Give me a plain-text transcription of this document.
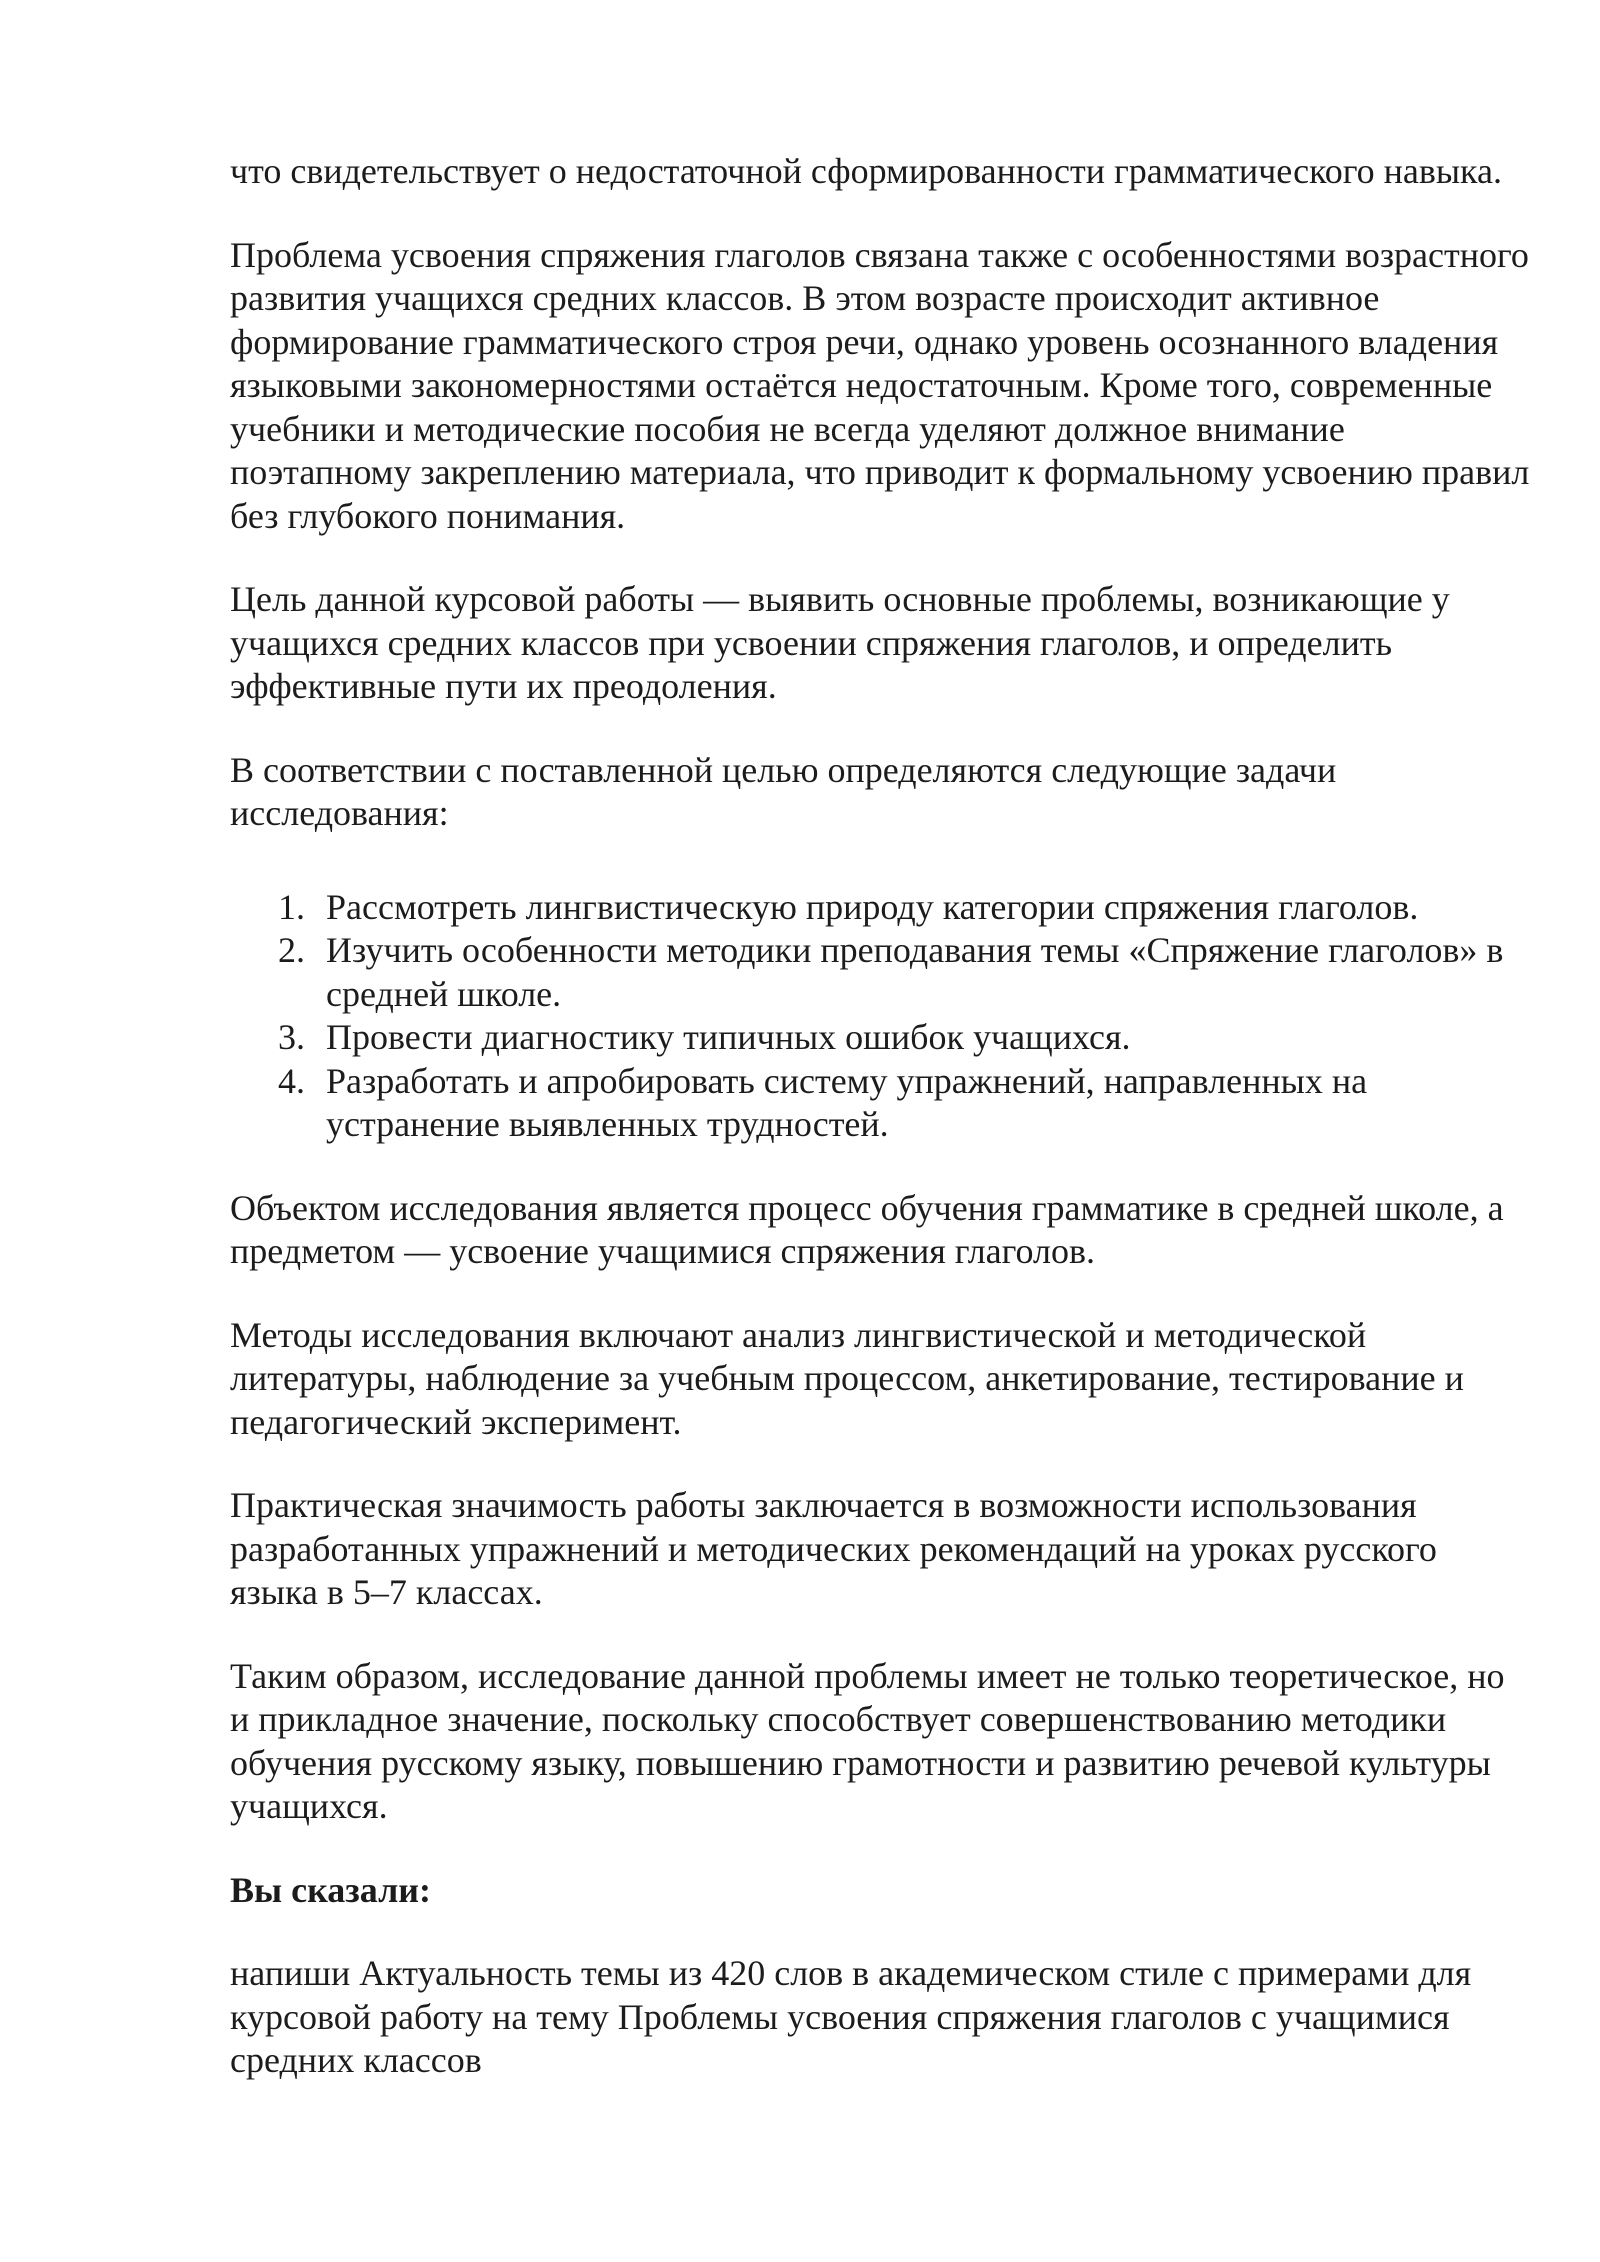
что свидетельствует о недостаточной сформированности грамматического навыка.

Проблема усвоения спряжения глаголов связана также с особенностями возрастного развития учащихся средних классов. В этом возрасте происходит активное формирование грамматического строя речи, однако уровень осознанного владения языковыми закономерностями остаётся недостаточным. Кроме того, современные учебники и методические пособия не всегда уделяют должное внимание поэтапному закреплению материала, что приводит к формальному усвоению правил без глубокого понимания.

Цель данной курсовой работы — выявить основные проблемы, возникающие у учащихся средних классов при усвоении спряжения глаголов, и определить эффективные пути их преодоления.

В соответствии с поставленной целью определяются следующие задачи исследования:

1. Рассмотреть лингвистическую природу категории спряжения глаголов.
2. Изучить особенности методики преподавания темы «Спряжение глаголов» в средней школе.
3. Провести диагностику типичных ошибок учащихся.
4. Разработать и апробировать систему упражнений, направленных на устранение выявленных трудностей.

Объектом исследования является процесс обучения грамматике в средней школе, а предметом — усвоение учащимися спряжения глаголов.

Методы исследования включают анализ лингвистической и методической литературы, наблюдение за учебным процессом, анкетирование, тестирование и педагогический эксперимент.

Практическая значимость работы заключается в возможности использования разработанных упражнений и методических рекомендаций на уроках русского языка в 5–7 классах.

Таким образом, исследование данной проблемы имеет не только теоретическое, но и прикладное значение, поскольку способствует совершенствованию методики обучения русскому языку, повышению грамотности и развитию речевой культуры учащихся.

Вы сказали:

напиши Актуальность темы из 420 слов в академическом стиле с примерами для курсовой работу на тему Проблемы усвоения спряжения глаголов с учащимися средних классов
